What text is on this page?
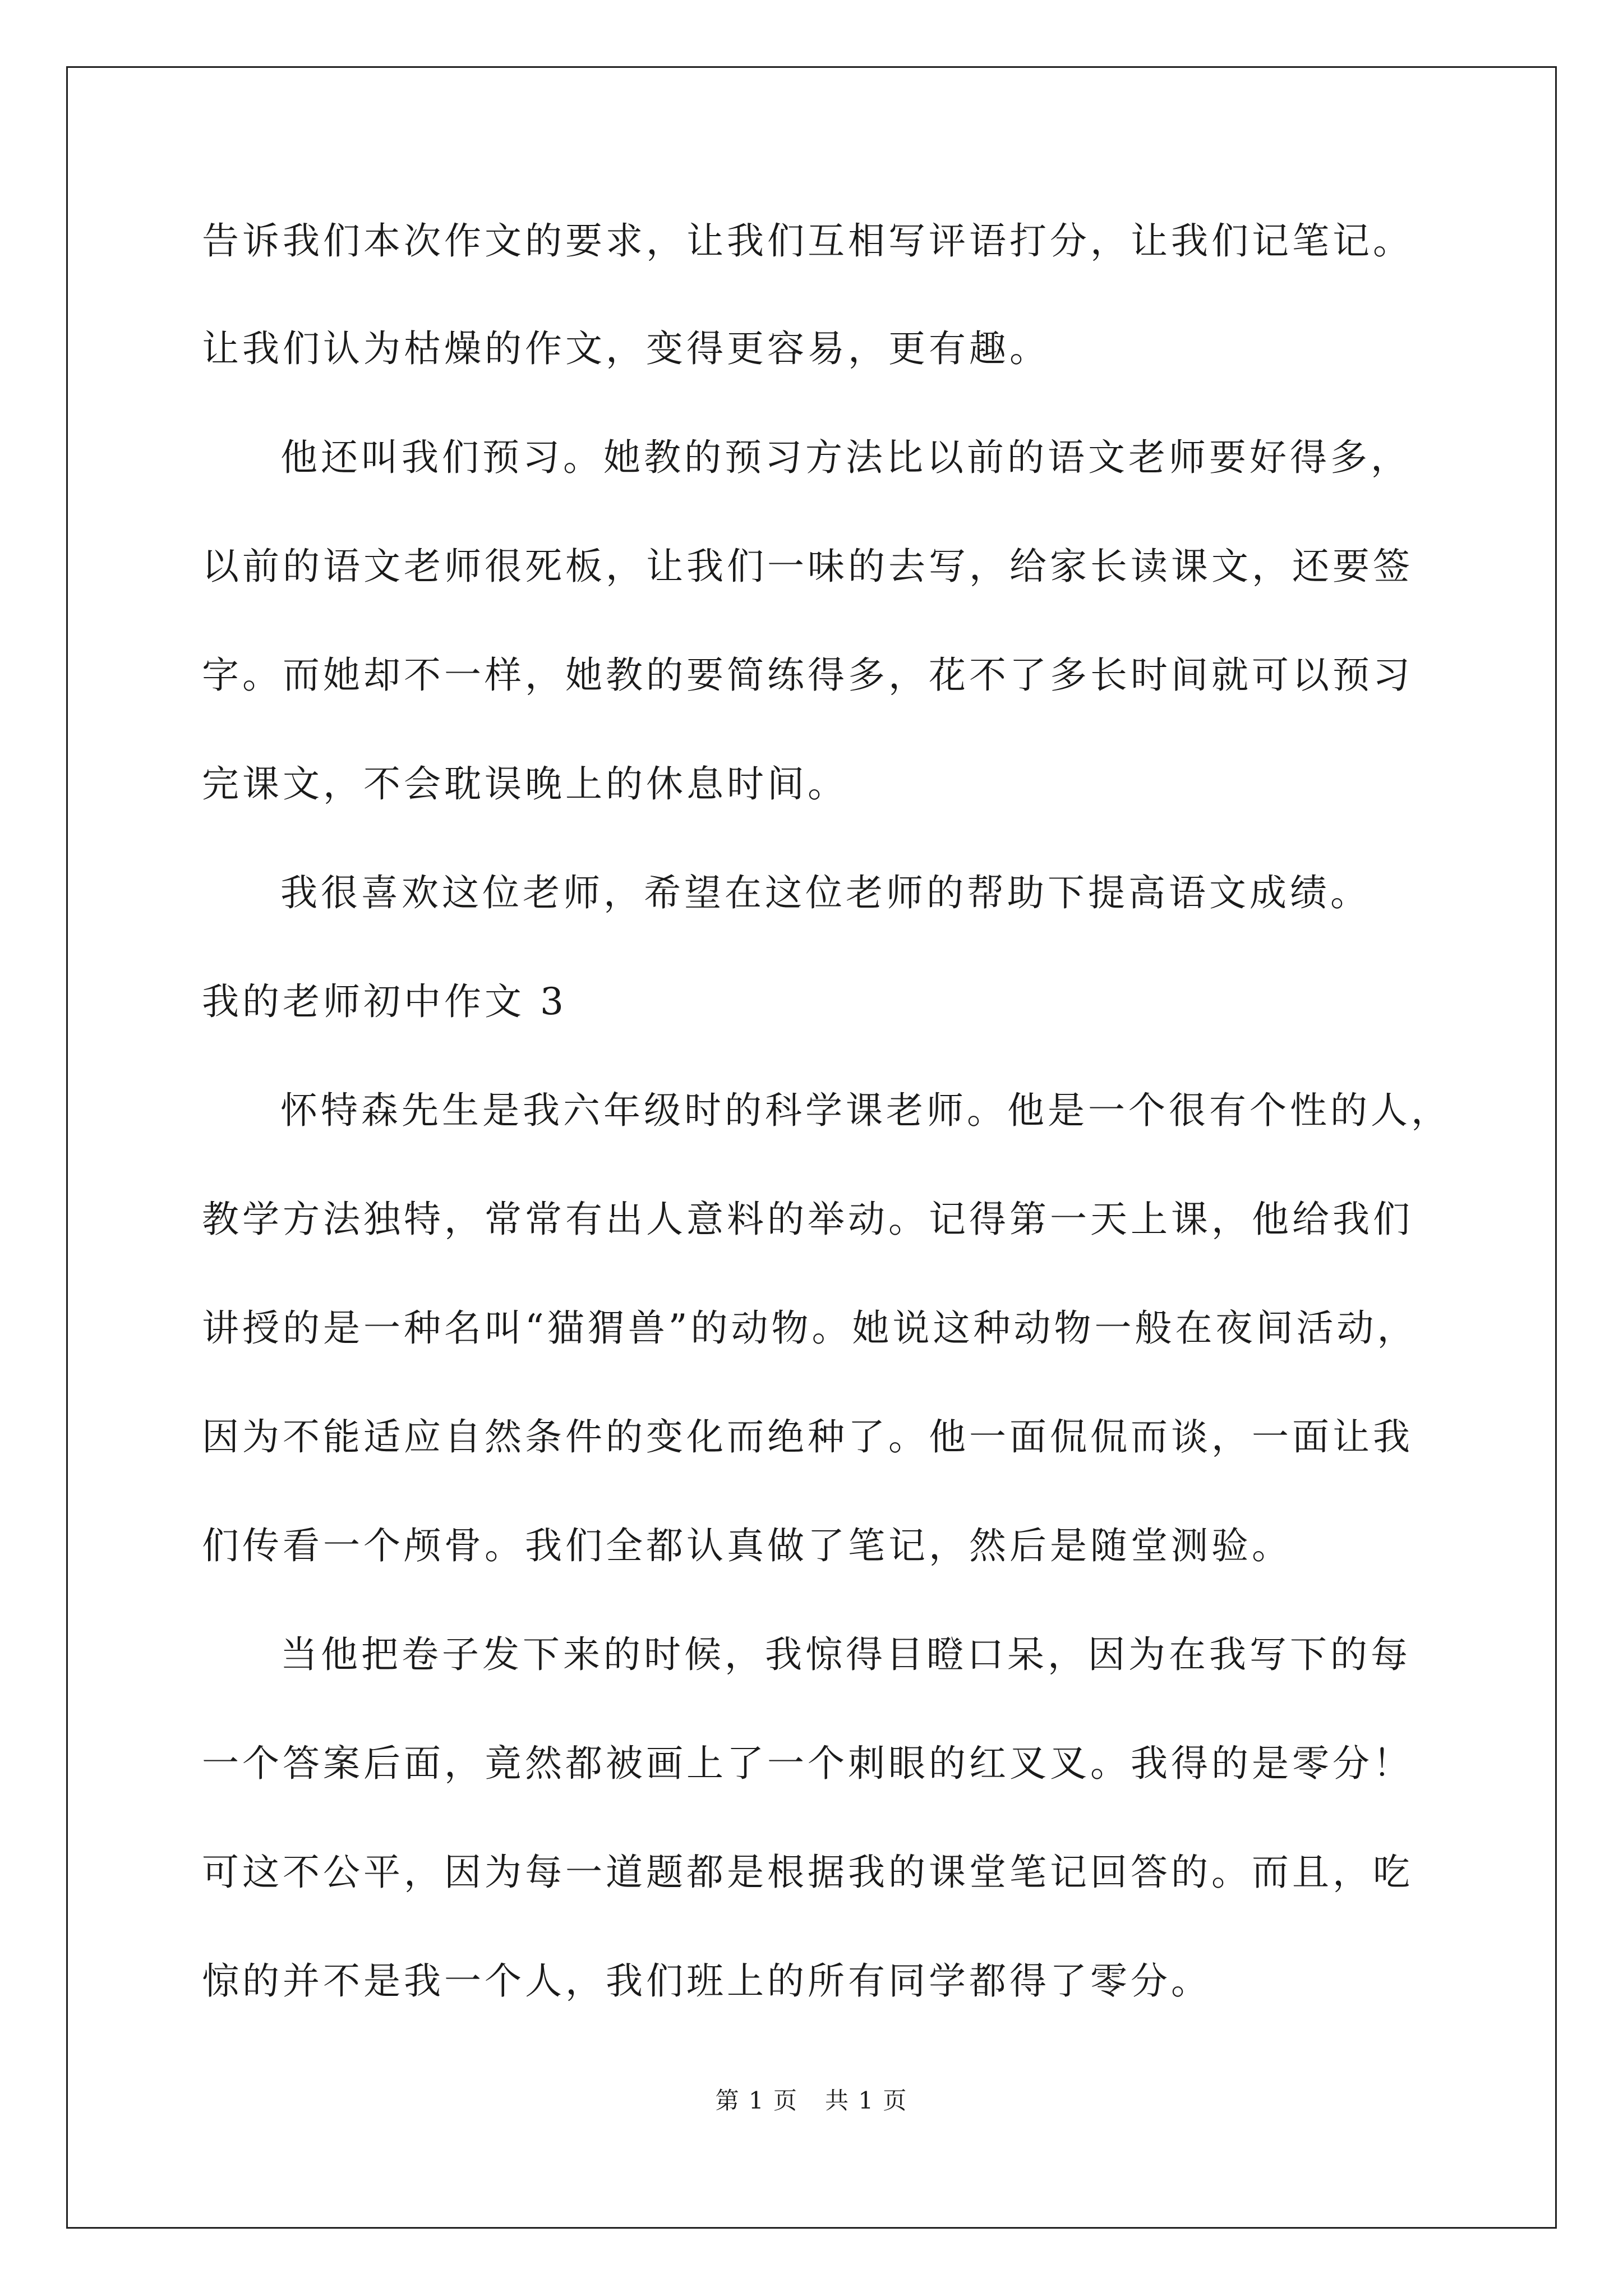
告诉我们本次作文的要求，让我们互相写评语打分，让我们记笔记。
让我们认为枯燥的作文，变得更容易，更有趣。
他还叫我们预习。她教的预习方法比以前的语文老师要好得多，
以前的语文老师很死板，让我们一味的去写，给家长读课文，还要签
字。而她却不一样，她教的要简练得多，花不了多长时间就可以预习
完课文，不会耽误晚上的休息时间。
我很喜欢这位老师，希望在这位老师的帮助下提高语文成绩。
我的老师初中作文 3
怀特森先生是我六年级时的科学课老师。他是一个很有个性的人，
教学方法独特，常常有出人意料的举动。记得第一天上课，他给我们
讲授的是一种名叫“猫猬兽”的动物。她说这种动物一般在夜间活动，
因为不能适应自然条件的变化而绝种了。他一面侃侃而谈，一面让我
们传看一个颅骨。我们全都认真做了笔记，然后是随堂测验。
当他把卷子发下来的时候，我惊得目瞪口呆，因为在我写下的每
一个答案后面，竟然都被画上了一个刺眼的红叉叉。我得的是零分！
可这不公平，因为每一道题都是根据我的课堂笔记回答的。而且，吃
惊的并不是我一个人，我们班上的所有同学都得了零分。
第 1 页 共 1 页
